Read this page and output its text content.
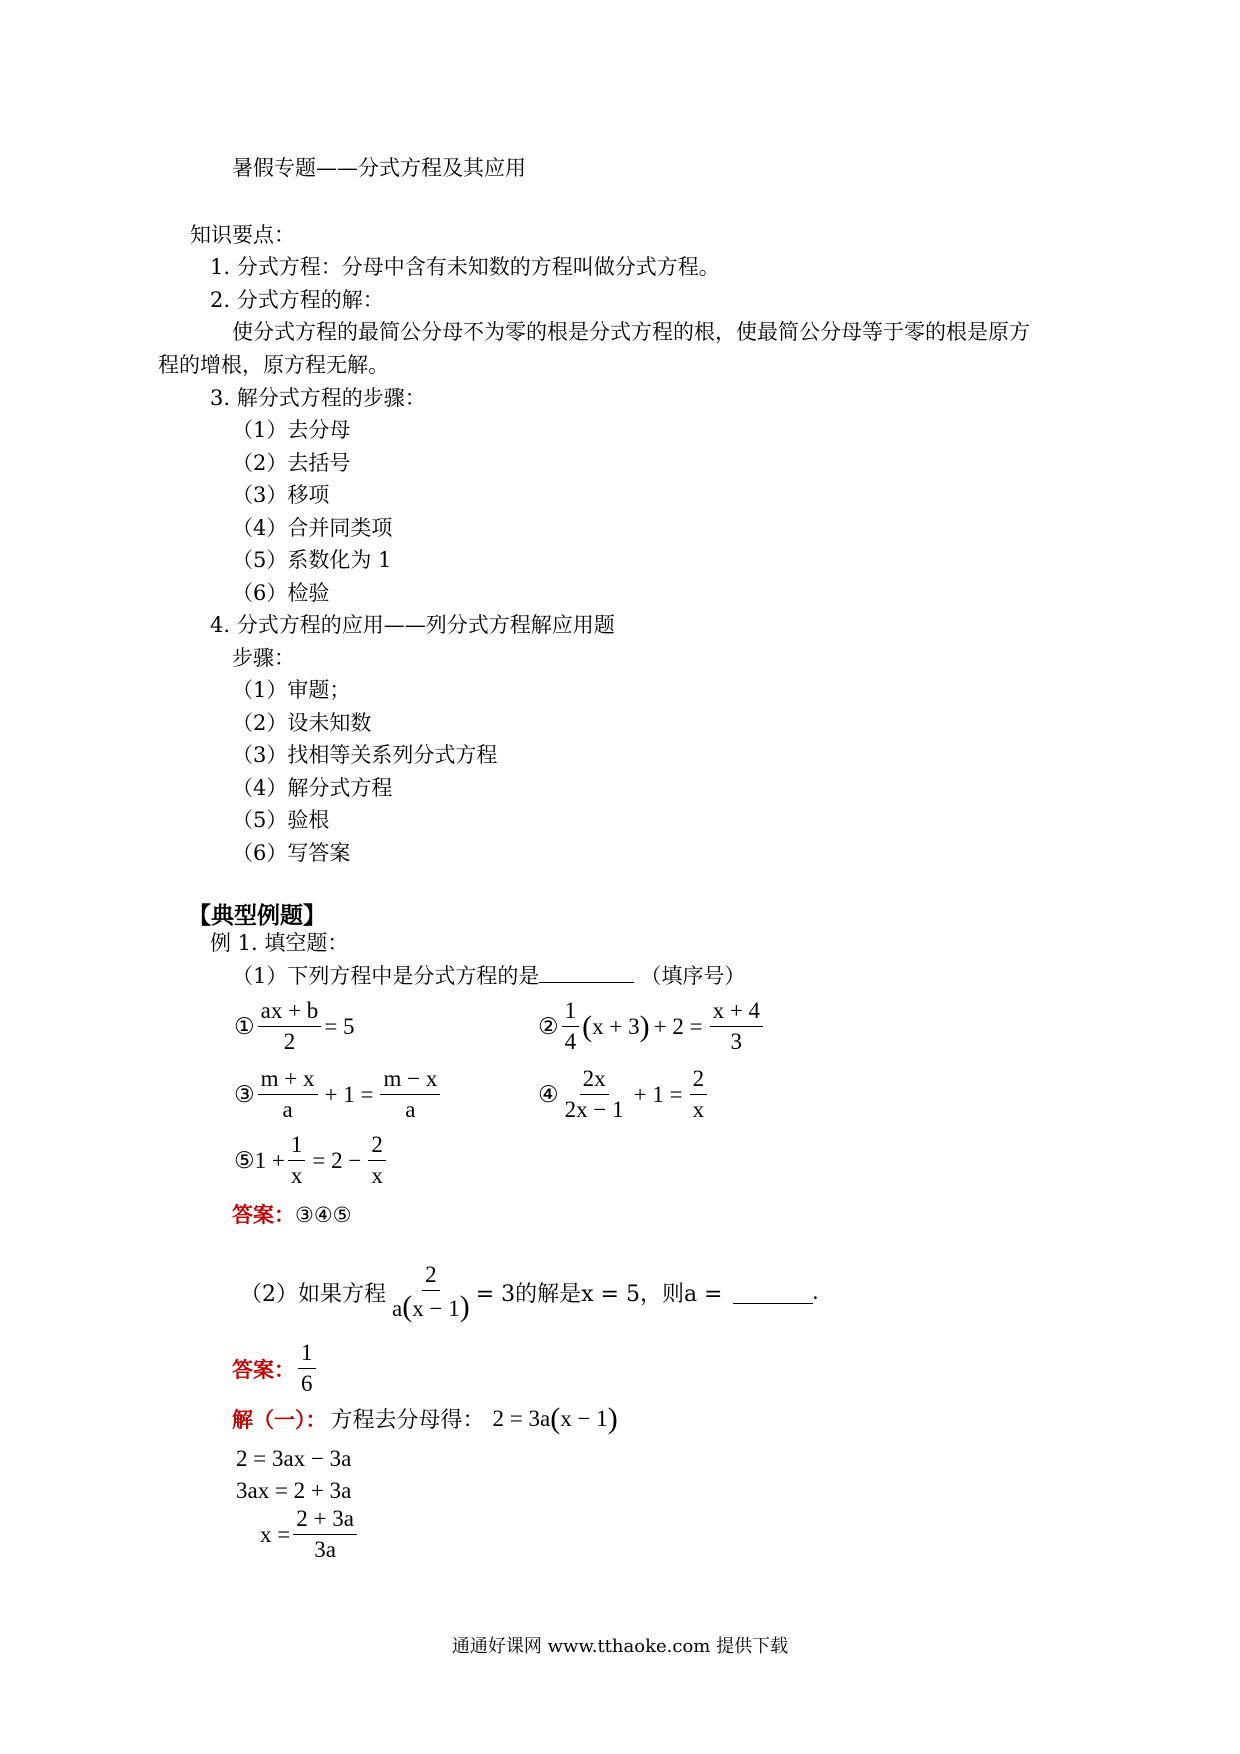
暑假专题——分式方程及其应用
知识要点：
1. 分式方程：分母中含有未知数的方程叫做分式方程。
2. 分式方程的解：
使分式方程的最简公分母不为零的根是分式方程的根，使最简公分母等于零的根是原方
程的增根，原方程无解。
3. 解分式方程的步骤：
（1）去分母
（2）去括号
（3）移项
（4）合并同类项
（5）系数化为 1
（6）检验
4. 分式方程的应用——列分式方程解应用题
步骤：
（1）审题；
（2）设未知数
（3）找相等关系列分式方程
（4）解分式方程
（5）验根
（6）写答案
【典型例题】
例 1. 填空题：
（1）下列方程中是分式方程的是	（填序号）
① $\frac{ax + b}{2} = 5$	② $\frac{1}{4}$ ( x + 3 ) + $2 = \frac{x + 4}{3}$
③ $\frac{m + x}{a} + 1 = \frac{m - x}{a}$	④ $\frac{2x}{2x - 1} + 1 = \frac{2}{x}$
⑤ $1 + \frac{1}{x} = 2 - \frac{2}{x}$
答案：③④⑤
（2）如果方程 $\frac{2}{a(x - 1)} = 3$的解是x = 5，则a =	.
答案： $\frac{1}{6}$
解（一）： 方程去分母得： 2 = 3a ( x − 1 )
2 = 3ax − 3a
3ax = 2 + 3a
$x = \frac{2 + 3a}{3a}$
通通好课网 www.tthaoke.com 提供下载
